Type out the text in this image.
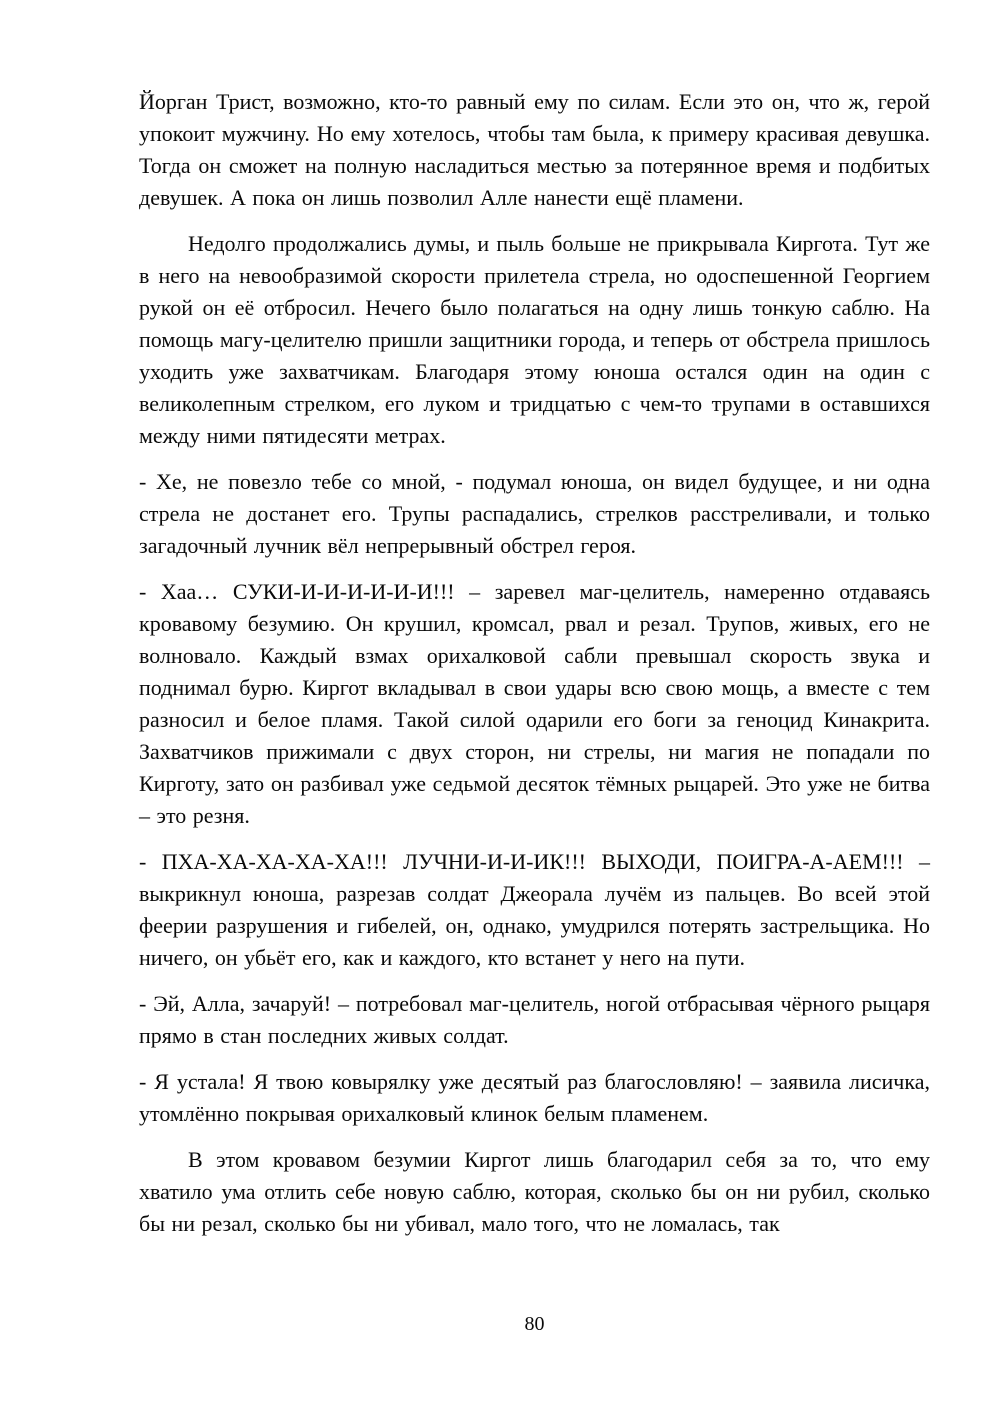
Йорган Трист, возможно, кто-то равный ему по силам. Если это он, что ж, герой упокоит мужчину. Но ему хотелось, чтобы там была, к примеру красивая девушка. Тогда он сможет на полную насладиться местью за потерянное время и подбитых девушек. А пока он лишь позволил Алле нанести ещё пламени.

Недолго продолжались думы, и пыль больше не прикрывала Киргота. Тут же в него на невообразимой скорости прилетела стрела, но одоспешенной Георгием рукой он её отбросил. Нечего было полагаться на одну лишь тонкую саблю. На помощь магу-целителю пришли защитники города, и теперь от обстрела пришлось уходить уже захватчикам. Благодаря этому юноша остался один на один с великолепным стрелком, его луком и тридцатью с чем-то трупами в оставшихся между ними пятидесяти метрах.

- Хе, не повезло тебе со мной, - подумал юноша, он видел будущее, и ни одна стрела не достанет его. Трупы распадались, стрелков расстреливали, и только загадочный лучник вёл непрерывный обстрел героя.

- Хаа… СУКИ-И-И-И-И-И-И!!! – заревел маг-целитель, намеренно отдаваясь кровавому безумию. Он крушил, кромсал, рвал и резал. Трупов, живых, его не волновало. Каждый взмах орихалковой сабли превышал скорость звука и поднимал бурю. Киргот вкладывал в свои удары всю свою мощь, а вместе с тем разносил и белое пламя. Такой силой одарили его боги за геноцид Кинакрита. Захватчиков прижимали с двух сторон, ни стрелы, ни магия не попадали по Кирготу, зато он разбивал уже седьмой десяток тёмных рыцарей. Это уже не битва – это резня.

- ПХА-ХА-ХА-ХА-ХА!!! ЛУЧНИ-И-И-ИК!!! ВЫХОДИ, ПОИГРА-А-АЕМ!!! – выкрикнул юноша, разрезав солдат Джеорала лучём из пальцев. Во всей этой феерии разрушения и гибелей, он, однако, умудрился потерять застрельщика. Но ничего, он убьёт его, как и каждого, кто встанет у него на пути.

- Эй, Алла, зачаруй! – потребовал маг-целитель, ногой отбрасывая чёрного рыцаря прямо в стан последних живых солдат.

- Я устала! Я твою ковырялку уже десятый раз благословляю! – заявила лисичка, утомлённо покрывая орихалковый клинок белым пламенем.

В этом кровавом безумии Киргот лишь благодарил себя за то, что ему хватило ума отлить себе новую саблю, которая, сколько бы он ни рубил, сколько бы ни резал, сколько бы ни убивал, мало того, что не ломалась, так

80
